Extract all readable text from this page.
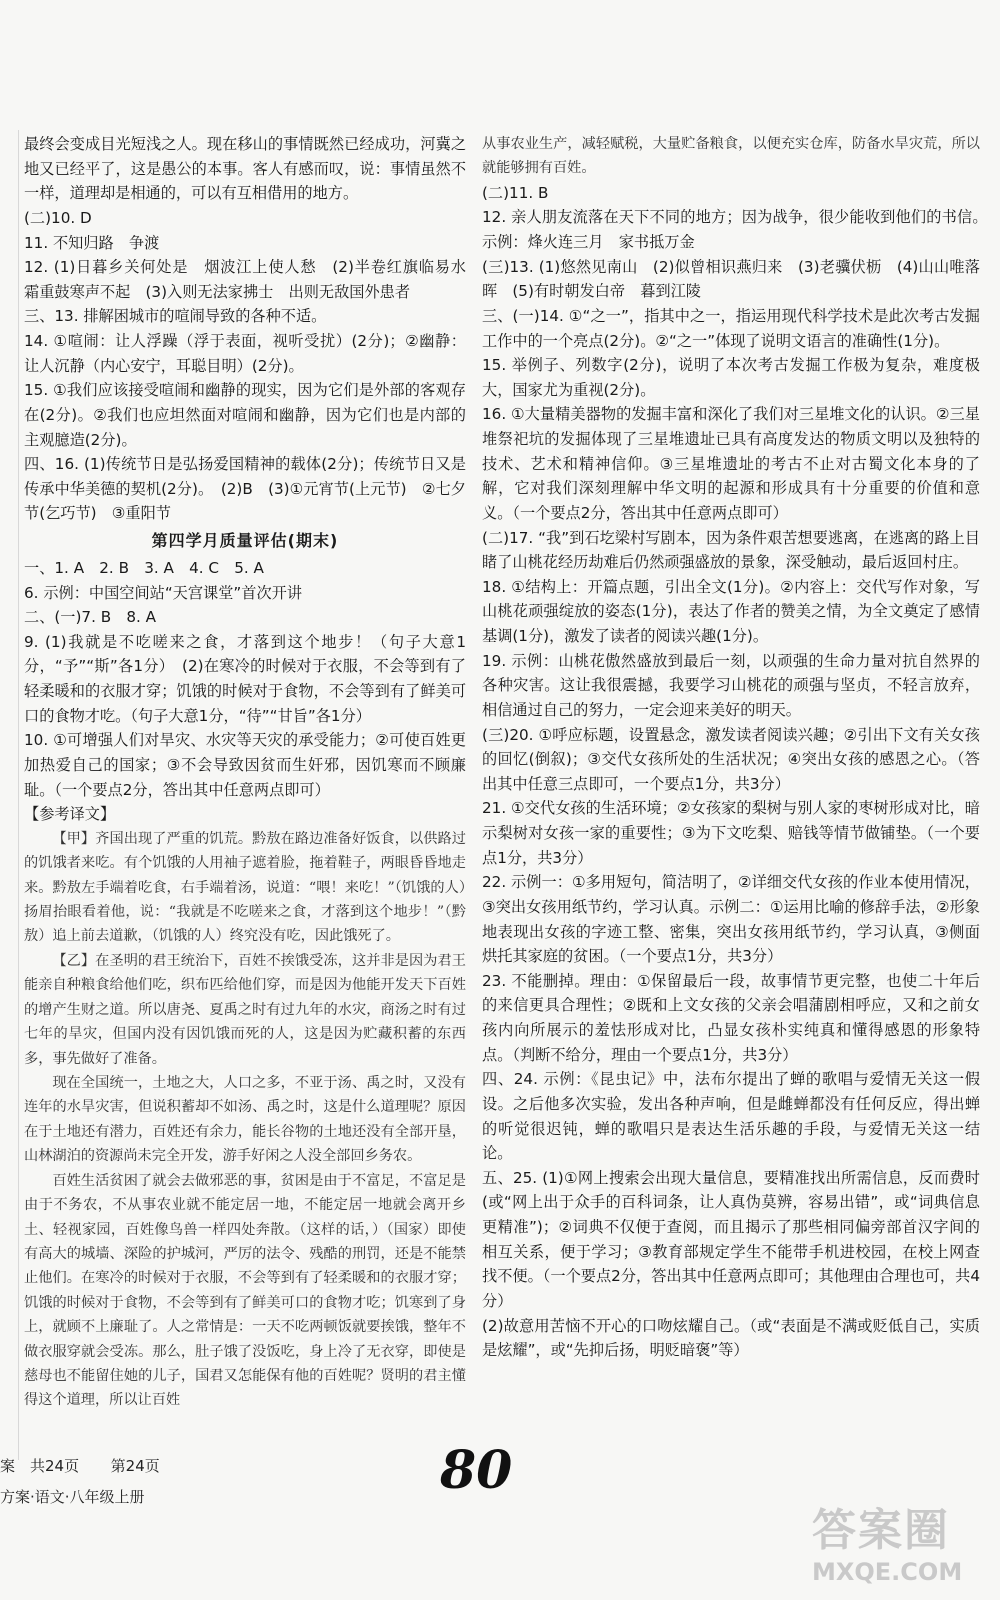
最终会变成目光短浅之人。现在移山的事情既然已经成功，河冀之地又已经平了，这是愚公的本事。客人有感而叹，说：事情虽然不一样，道理却是相通的，可以有互相借用的地方。

(二)10. D

11. 不知归路　争渡

12. (1)日暮乡关何处是　烟波江上使人愁　(2)半卷红旗临易水　霜重鼓寒声不起　(3)入则无法家拂士　出则无敌国外患者

三、13. 排解困城市的喧闹导致的各种不适。

14. ①喧闹：让人浮躁（浮于表面，视听受扰）(2分)；②幽静：让人沉静（内心安宁，耳聪目明）(2分)。

15. ①我们应该接受喧闹和幽静的现实，因为它们是外部的客观存在(2分)。②我们也应坦然面对喧闹和幽静，因为它们也是内部的主观臆造(2分)。

四、16. (1)传统节日是弘扬爱国精神的载体(2分)；传统节日又是传承中华美德的契机(2分)。　(2)B　(3)①元宵节(上元节)　②七夕节(乞巧节)　③重阳节

第四学月质量评估(期末)

一、1. A　2. B　3. A　4. C　5. A

6. 示例：中国空间站“天宫课堂”首次开讲

二、(一)7. B　8. A

9. (1)我就是不吃嗟来之食，才落到这个地步！（句子大意1分，“予”“斯”各1分）　(2)在寒冷的时候对于衣服，不会等到有了轻柔暖和的衣服才穿；饥饿的时候对于食物，不会等到有了鲜美可口的食物才吃。（句子大意1分，“待”“甘旨”各1分）

10. ①可增强人们对旱灾、水灾等天灾的承受能力；②可使百姓更加热爱自己的国家；③不会导致因贫而生奸邪，因饥寒而不顾廉耻。（一个要点2分，答出其中任意两点即可）

【参考译文】

【甲】齐国出现了严重的饥荒。黔敖在路边准备好饭食，以供路过的饥饿者来吃。有个饥饿的人用袖子遮着脸，拖着鞋子，两眼昏昏地走来。黔敖左手端着吃食，右手端着汤，说道：“喂！来吃！”（饥饿的人）扬眉抬眼看着他，说：“我就是不吃嗟来之食，才落到这个地步！”（黔敖）追上前去道歉，（饥饿的人）终究没有吃，因此饿死了。

【乙】在圣明的君王统治下，百姓不挨饿受冻，这并非是因为君王能亲自种粮食给他们吃，织布匹给他们穿，而是因为他能开发天下百姓的增产生财之道。所以唐尧、夏禹之时有过九年的水灾，商汤之时有过七年的旱灾，但国内没有因饥饿而死的人，这是因为贮藏积蓄的东西多，事先做好了准备。

现在全国统一，土地之大，人口之多，不亚于汤、禹之时，又没有连年的水旱灾害，但说积蓄却不如汤、禹之时，这是什么道理呢？原因在于土地还有潜力，百姓还有余力，能长谷物的土地还没有全部开垦，山林湖泊的资源尚未完全开发，游手好闲之人没全部回乡务农。

百姓生活贫困了就会去做邪恶的事，贫困是由于不富足，不富足是由于不务农，不从事农业就不能定居一地，不能定居一地就会离开乡土、轻视家园，百姓像鸟兽一样四处奔散。（这样的话，）（国家）即使有高大的城墙、深险的护城河，严厉的法令、残酷的刑罚，还是不能禁止他们。在寒冷的时候对于衣服，不会等到有了轻柔暖和的衣服才穿；饥饿的时候对于食物，不会等到有了鲜美可口的食物才吃；饥寒到了身上，就顾不上廉耻了。人之常情是：一天不吃两顿饭就要挨饿，整年不做衣服穿就会受冻。那么，肚子饿了没饭吃，身上冷了无衣穿，即使是慈母也不能留住她的儿子，国君又怎能保有他的百姓呢？贤明的君主懂得这个道理，所以让百姓

从事农业生产，减轻赋税，大量贮备粮食，以便充实仓库，防备水旱灾荒，所以就能够拥有百姓。

(二)11. B

12. 亲人朋友流落在天下不同的地方；因为战争，很少能收到他们的书信。　示例：烽火连三月　家书抵万金

(三)13. (1)悠然见南山　(2)似曾相识燕归来　(3)老骥伏枥　(4)山山唯落晖　(5)有时朝发白帝　暮到江陵

三、(一)14. ①“之一”，指其中之一，指运用现代科学技术是此次考古发掘工作中的一个亮点(2分)。②“之一”体现了说明文语言的准确性(1分)。

15. 举例子、列数字(2分)，说明了本次考古发掘工作极为复杂，难度极大，国家尤为重视(2分)。

16. ①大量精美器物的发掘丰富和深化了我们对三星堆文化的认识。②三星堆祭祀坑的发掘体现了三星堆遗址已具有高度发达的物质文明以及独特的技术、艺术和精神信仰。③三星堆遗址的考古不止对古蜀文化本身的了解，它对我们深刻理解中华文明的起源和形成具有十分重要的价值和意义。（一个要点2分，答出其中任意两点即可）

(二)17. “我”到石圪梁村写剧本，因为条件艰苦想要逃离，在逃离的路上目睹了山桃花经历劫难后仍然顽强盛放的景象，深受触动，最后返回村庄。

18. ①结构上：开篇点题，引出全文(1分)。②内容上：交代写作对象，写山桃花顽强绽放的姿态(1分)，表达了作者的赞美之情，为全文奠定了感情基调(1分)，激发了读者的阅读兴趣(1分)。

19. 示例：山桃花傲然盛放到最后一刻，以顽强的生命力量对抗自然界的各种灾害。这让我很震撼，我要学习山桃花的顽强与坚贞，不轻言放弃，相信通过自己的努力，一定会迎来美好的明天。

(三)20. ①呼应标题，设置悬念，激发读者阅读兴趣；②引出下文有关女孩的回忆(倒叙)；③交代女孩所处的生活状况；④突出女孩的感恩之心。（答出其中任意三点即可，一个要点1分，共3分）

21. ①交代女孩的生活环境；②女孩家的梨树与别人家的枣树形成对比，暗示梨树对女孩一家的重要性；③为下文吃梨、赔钱等情节做铺垫。（一个要点1分，共3分）

22. 示例一：①多用短句，简洁明了，②详细交代女孩的作业本使用情况，③突出女孩用纸节约，学习认真。示例二：①运用比喻的修辞手法，②形象地表现出女孩的字迹工整、密集，突出女孩用纸节约，学习认真，③侧面烘托其家庭的贫困。（一个要点1分，共3分）

23. 不能删掉。理由：①保留最后一段，故事情节更完整，也使二十年后的来信更具合理性；②既和上文女孩的父亲会唱蒲剧相呼应，又和之前女孩内向所展示的羞怯形成对比，凸显女孩朴实纯真和懂得感恩的形象特点。（判断不给分，理由一个要点1分，共3分）

四、24. 示例：《昆虫记》中，法布尔提出了蝉的歌唱与爱情无关这一假设。之后他多次实验，发出各种声响，但是雌蝉都没有任何反应，得出蝉的听觉很迟钝，蝉的歌唱只是表达生活乐趣的手段，与爱情无关这一结论。

五、25. (1)①网上搜索会出现大量信息，要精准找出所需信息，反而费时(或“网上出于众手的百科词条，让人真伪莫辨，容易出错”，或“词典信息更精准”)；②词典不仅便于查阅，而且揭示了那些相同偏旁部首汉字间的相互关系，便于学习；③教育部规定学生不能带手机进校园，在校上网查找不便。（一个要点2分，答出其中任意两点即可；其他理由合理也可，共4分）

(2)故意用苦恼不开心的口吻炫耀自己。（或“表面是不满或贬低自己，实质是炫耀”，或“先抑后扬，明贬暗褒”等）

案　共24页 第24页
方案·语文·八年级上册	80
答案圈
MXQE.COM
